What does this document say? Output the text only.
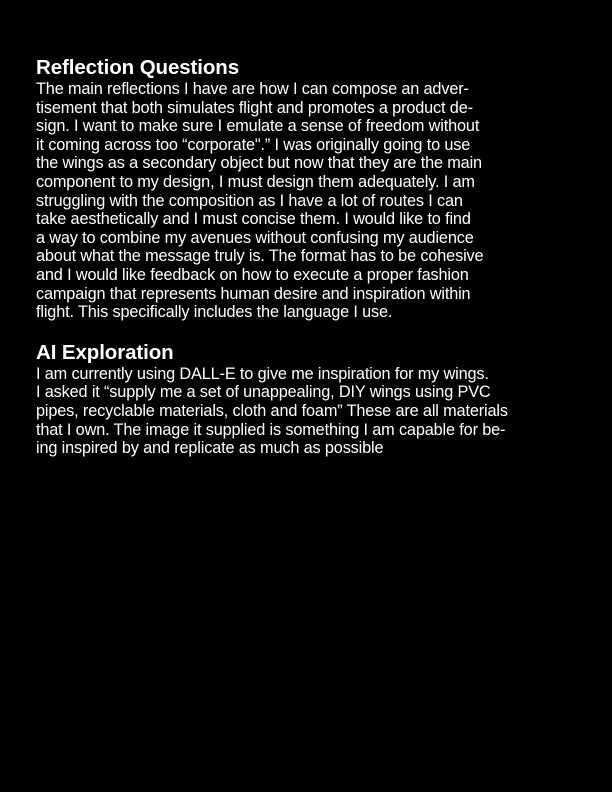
Reflection Questions
The main reflections I have are how I can compose an adver-
tisement that both simulates flight and promotes a product de-
sign. I want to make sure I emulate a sense of freedom without
it coming across too “corporate".” I was originally going to use
the wings as a secondary object but now that they are the main
component to my design, I must design them adequately. I am
struggling with the composition as I have a lot of routes I can
take aesthetically and I must concise them. I would like to find
a way to combine my avenues without confusing my audience
about what the message truly is. The format has to be cohesive
and I would like feedback on how to execute a proper fashion
campaign that represents human desire and inspiration within
flight. This specifically includes the language I use.
AI Exploration
I am currently using DALL-E to give me inspiration for my wings.
I asked it “supply me a set of unappealing, DIY wings using PVC
pipes, recyclable materials, cloth and foam” These are all materials
that I own. The image it supplied is something I am capable for be-
ing inspired by and replicate as much as possible
